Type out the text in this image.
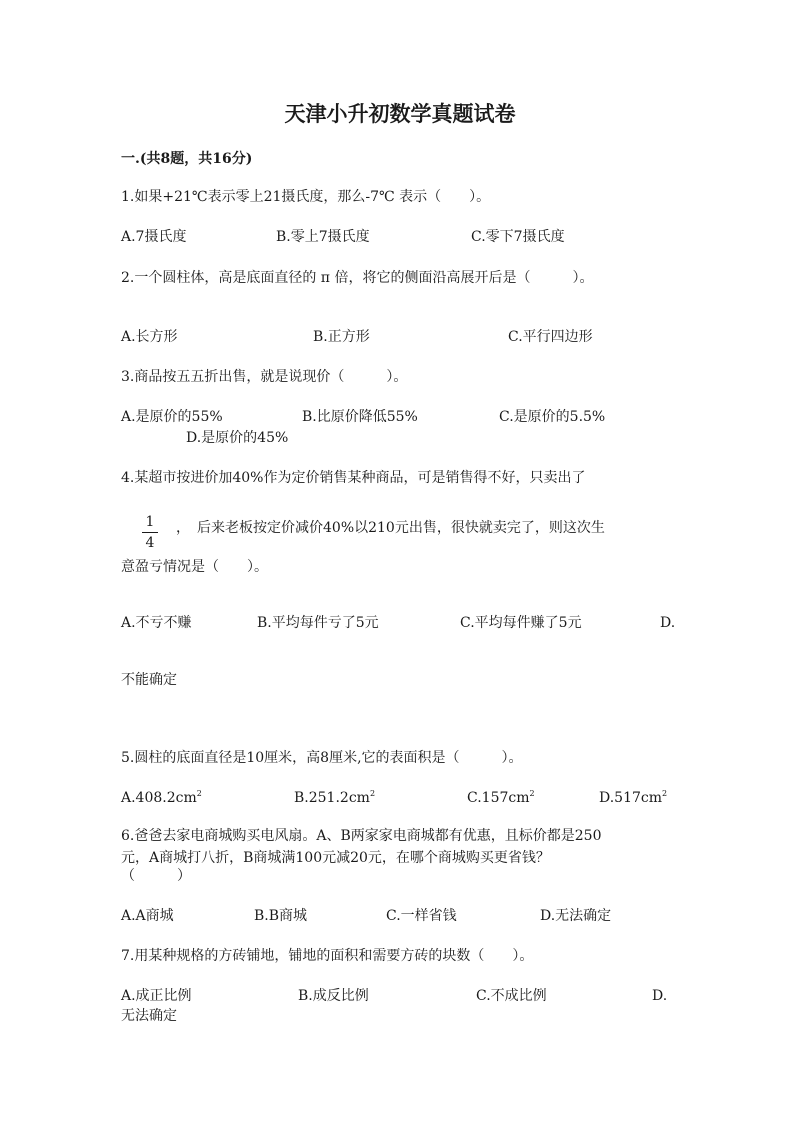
天津小升初数学真题试卷
一.(共8题，共16分)
1.如果+21℃表示零上21摄氏度，那么-7℃ 表示（　　）。
A.7摄氏度	B.零上7摄氏度	C.零下7摄氏度
2.一个圆柱体，高是底面直径的 π 倍，将它的侧面沿高展开后是（　　　）。
A.长方形	B.正方形	C.平行四边形
3.商品按五五折出售，就是说现价（　　　）。
A.是原价的55%	B.比原价降低55%	C.是原价的5.5%
D.是原价的45%
4.某超市按进价加40%作为定价销售某种商品，可是销售得不好，只卖出了
1
4
，　后来老板按定价减价40%以210元出售，很快就卖完了，则这次生
意盈亏情况是（　　）。
A.不亏不赚	B.平均每件亏了5元	C.平均每件赚了5元	D.
不能确定
5.圆柱的底面直径是10厘米，高8厘米,它的表面积是（　　　）。
$A.408.2cm^2$	$B.251.2cm^2$	$C.157cm^2$	$D.517cm^2$
6.爸爸去家电商城购买电风扇。A、B两家家电商城都有优惠，且标价都是250
元，A商城打八折，B商城满100元减20元，在哪个商城购买更省钱？
（　　　）
A.A商城	B.B商城	C.一样省钱	D.无法确定
7.用某种规格的方砖铺地，铺地的面积和需要方砖的块数（　　）。
A.成正比例	B.成反比例	C.不成比例	D.
无法确定
